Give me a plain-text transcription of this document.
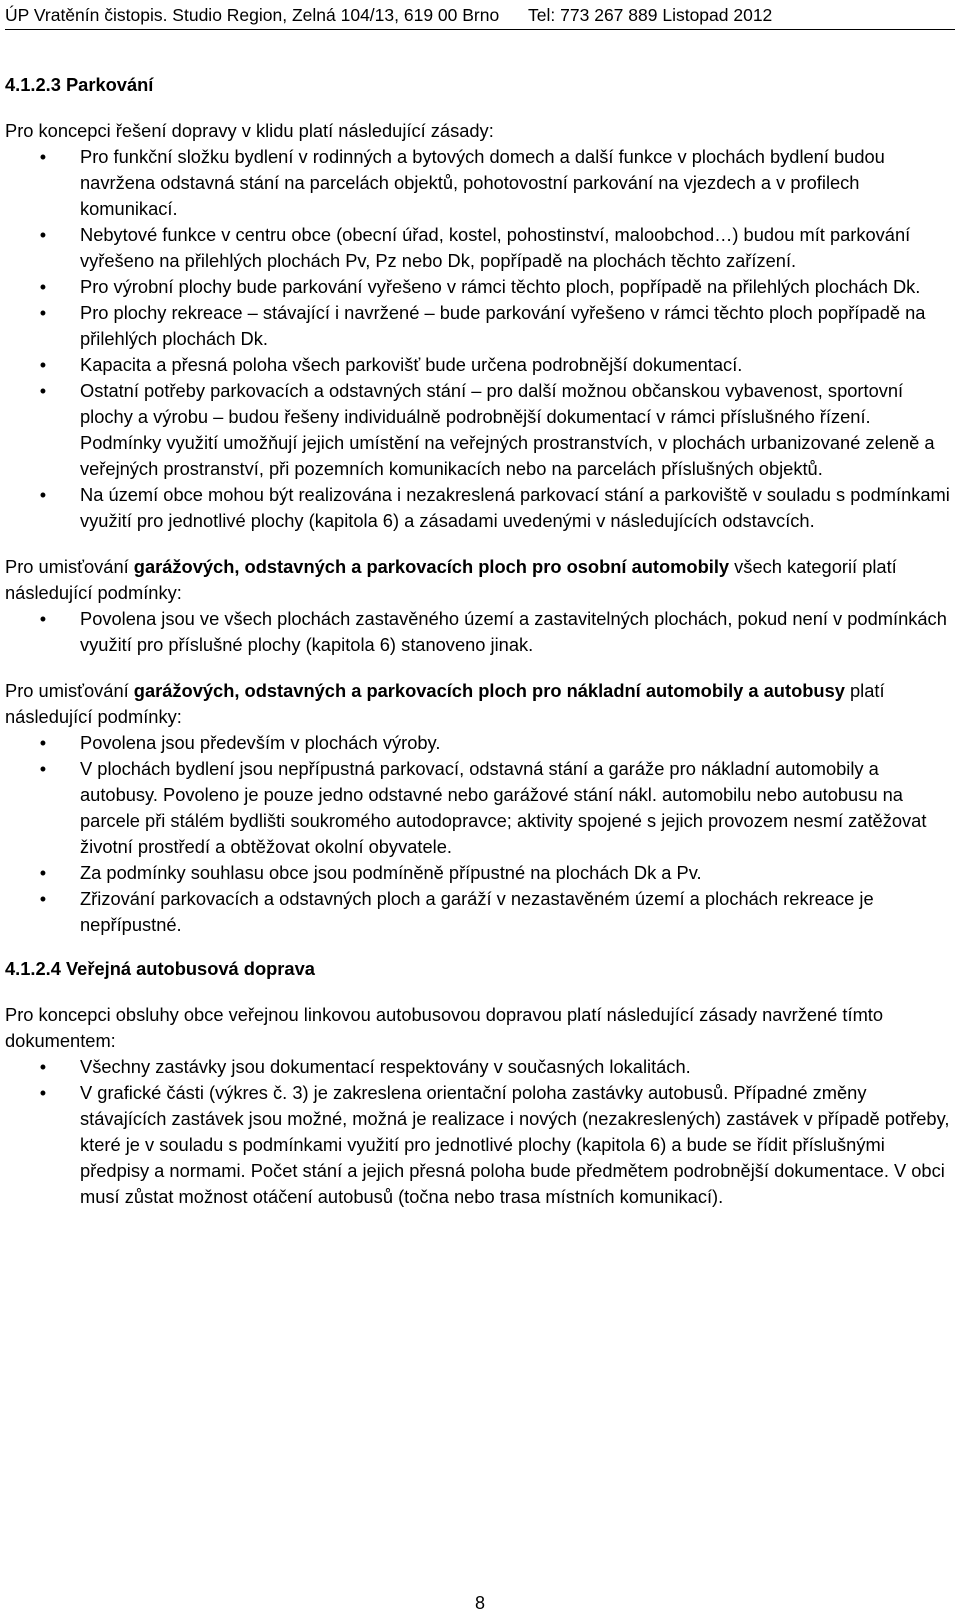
ÚP Vratěnín čistopis. Studio Region, Zelná 104/13, 619 00 Brno      Tel: 773 267 889 Listopad 2012

4.1.2.3 Parkování

Pro koncepci řešení dopravy v klidu platí následující zásady:

•	Pro funkční složku bydlení v rodinných a bytových domech a další funkce v plochách bydlení budou navržena odstavná stání na parcelách objektů, pohotovostní parkování na vjezdech a v profilech komunikací.
•	Nebytové funkce v centru obce (obecní úřad, kostel, pohostinství, maloobchod…) budou mít parkování vyřešeno na přilehlých plochách Pv, Pz nebo Dk, popřípadě na plochách těchto zařízení.
•	Pro výrobní plochy bude parkování vyřešeno v rámci těchto ploch, popřípadě na přilehlých plochách Dk.
•	Pro plochy rekreace – stávající i navržené – bude parkování vyřešeno v rámci těchto ploch popřípadě na přilehlých plochách Dk.
•	Kapacita a přesná poloha všech parkovišť bude určena podrobnější dokumentací.
•	Ostatní potřeby parkovacích a odstavných stání – pro další možnou občanskou vybavenost, sportovní plochy a výrobu – budou řešeny individuálně podrobnější dokumentací v rámci příslušného řízení. Podmínky využití umožňují jejich umístění na veřejných prostranstvích, v plochách urbanizované zeleně a veřejných prostranství, při pozemních komunikacích nebo na parcelách příslušných objektů.
•	Na území obce mohou být realizována i nezakreslená parkovací stání a parkoviště v souladu s podmínkami využití pro jednotlivé plochy (kapitola 6) a zásadami uvedenými v následujících odstavcích.

Pro umisťování garážových, odstavných a parkovacích ploch pro osobní automobily všech kategorií platí následující podmínky:

•	Povolena jsou ve všech plochách zastavěného území a zastavitelných plochách, pokud není v podmínkách využití pro příslušné plochy (kapitola 6) stanoveno jinak.

Pro umisťování garážových, odstavných a parkovacích ploch pro nákladní automobily a autobusy platí následující podmínky:

•	Povolena jsou především v plochách výroby.
•	V plochách bydlení jsou nepřípustná parkovací, odstavná stání a garáže pro nákladní automobily a autobusy. Povoleno je pouze jedno odstavné nebo garážové stání nákl. automobilu nebo autobusu na parcele při stálém bydlišti soukromého autodopravce; aktivity spojené s jejich provozem nesmí zatěžovat životní prostředí a obtěžovat okolní obyvatele.
•	Za podmínky souhlasu obce jsou podmíněně přípustné na plochách Dk a Pv.
•	Zřizování parkovacích a odstavných ploch a garáží v nezastavěném území a plochách rekreace je nepřípustné.

4.1.2.4 Veřejná autobusová doprava

Pro koncepci obsluhy obce veřejnou linkovou autobusovou dopravou platí následující zásady navržené tímto dokumentem:

•	Všechny zastávky jsou dokumentací respektovány v současných lokalitách.
•	V grafické části (výkres č. 3) je zakreslena orientační poloha zastávky autobusů. Případné změny stávajících zastávek jsou možné, možná je realizace i nových (nezakreslených) zastávek v případě potřeby, které je v souladu s podmínkami využití pro jednotlivé plochy (kapitola 6) a bude se řídit příslušnými předpisy a normami. Počet stání a jejich přesná poloha bude předmětem podrobnější dokumentace. V obci musí zůstat možnost otáčení autobusů (točna nebo trasa místních komunikací).
8
